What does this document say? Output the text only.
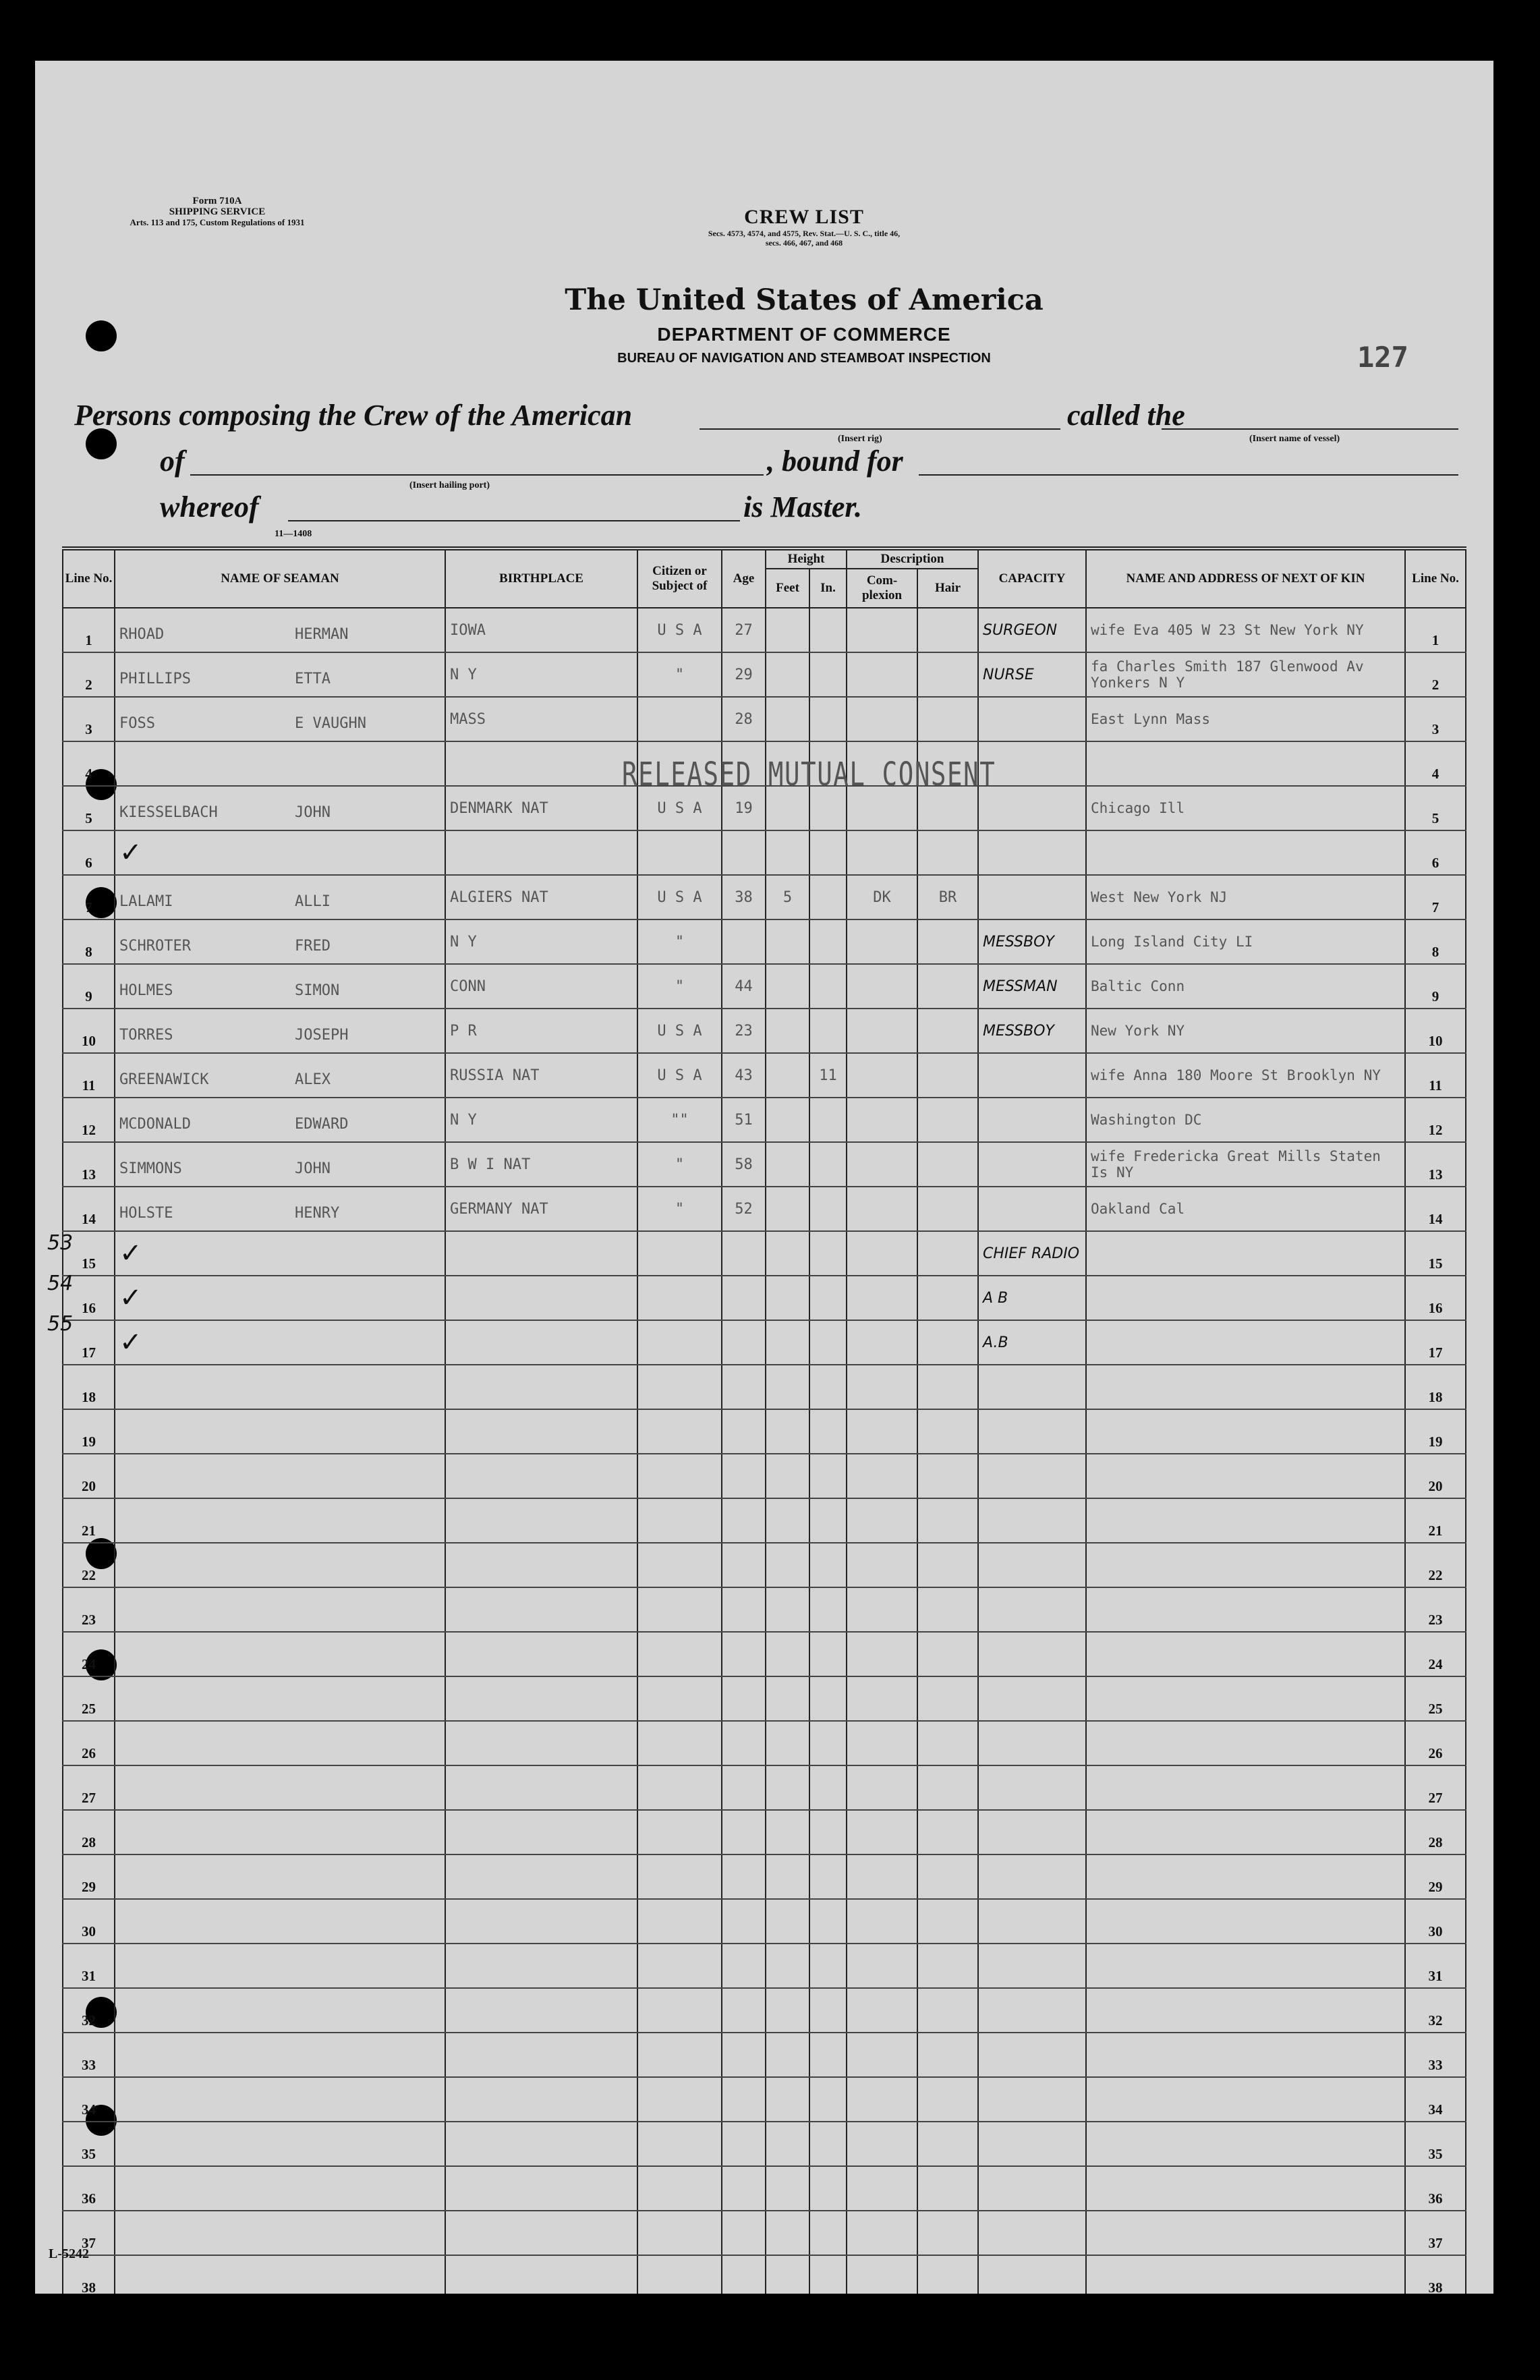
Form 710A
SHIPPING SERVICE
Arts. 113 and 175, Custom Regulations of 1931	CREW LIST
Secs. 4573, 4574, and 4575, Rev. Stat.—U. S. C., title 46,
secs. 466, 467, and 468
The United States of America
DEPARTMENT OF COMMERCE
BUREAU OF NAVIGATION AND STEAMBOAT INSPECTION	127
Persons composing the Crew of the American
(Insert rig)
called the
(Insert name of vessel)
of
(Insert hailing port)
, bound for
whereof	is Master.
11—1408
Line No.	NAME OF SEAMAN	BIRTHPLACE	Citizen or Subject of	Age	Height		Description		CAPACITY	NAME AND ADDRESS OF NEXT OF KIN	Line No.
					Feet	In.	Com- plexion	Hair			
1	RHOAD HERMAN	IOWA	U S A	27					SURGEON	wife Eva 405 W 23 St New York NY	1
2	PHILLIPS ETTA	N Y	"	29					NURSE	fa Charles Smith 187 Glenwood Av Yonkers N Y	2
3	FOSS E VAUGHN	MASS		28						East Lynn Mass	3
4											4
5	KIESSELBACH JOHN	DENMARK NAT	U S A	19						Chicago Ill	5
6	✓										6
7	LALAMI ALLI	ALGIERS NAT	U S A	38	5		DK	BR		West New York NJ	7
8	SCHROTER FRED	N Y	"						MESSBOY	Long Island City LI	8
9	HOLMES SIMON	CONN	"	44					MESSMAN	Baltic Conn	9
10	TORRES JOSEPH	P R	U S A	23					MESSBOY	New York NY	10
11	GREENAWICK ALEX	RUSSIA NAT	U S A	43		11				wife Anna 180 Moore St Brooklyn NY	11
12	MCDONALD EDWARD	N Y	""	51						Washington DC	12
13	SIMMONS JOHN	B W I NAT	"	58						wife Fredericka Great Mills Staten Is NY	13
14	HOLSTE HENRY	GERMANY NAT	"	52						Oakland Cal	14
15	✓								CHIEF RADIO		15
16	✓								A B		16
17	✓								A.B		17
18											18
19											19
20											20
21											21
22											22
23											23
24											24
25											25
26											26
27											27
28											28
29											29
30											30
31											31
32											32
33											33
34											34
35											35
36											36
37											37
38											38
RELEASED MUTUAL CONSENT
53
54
55
L-5242
